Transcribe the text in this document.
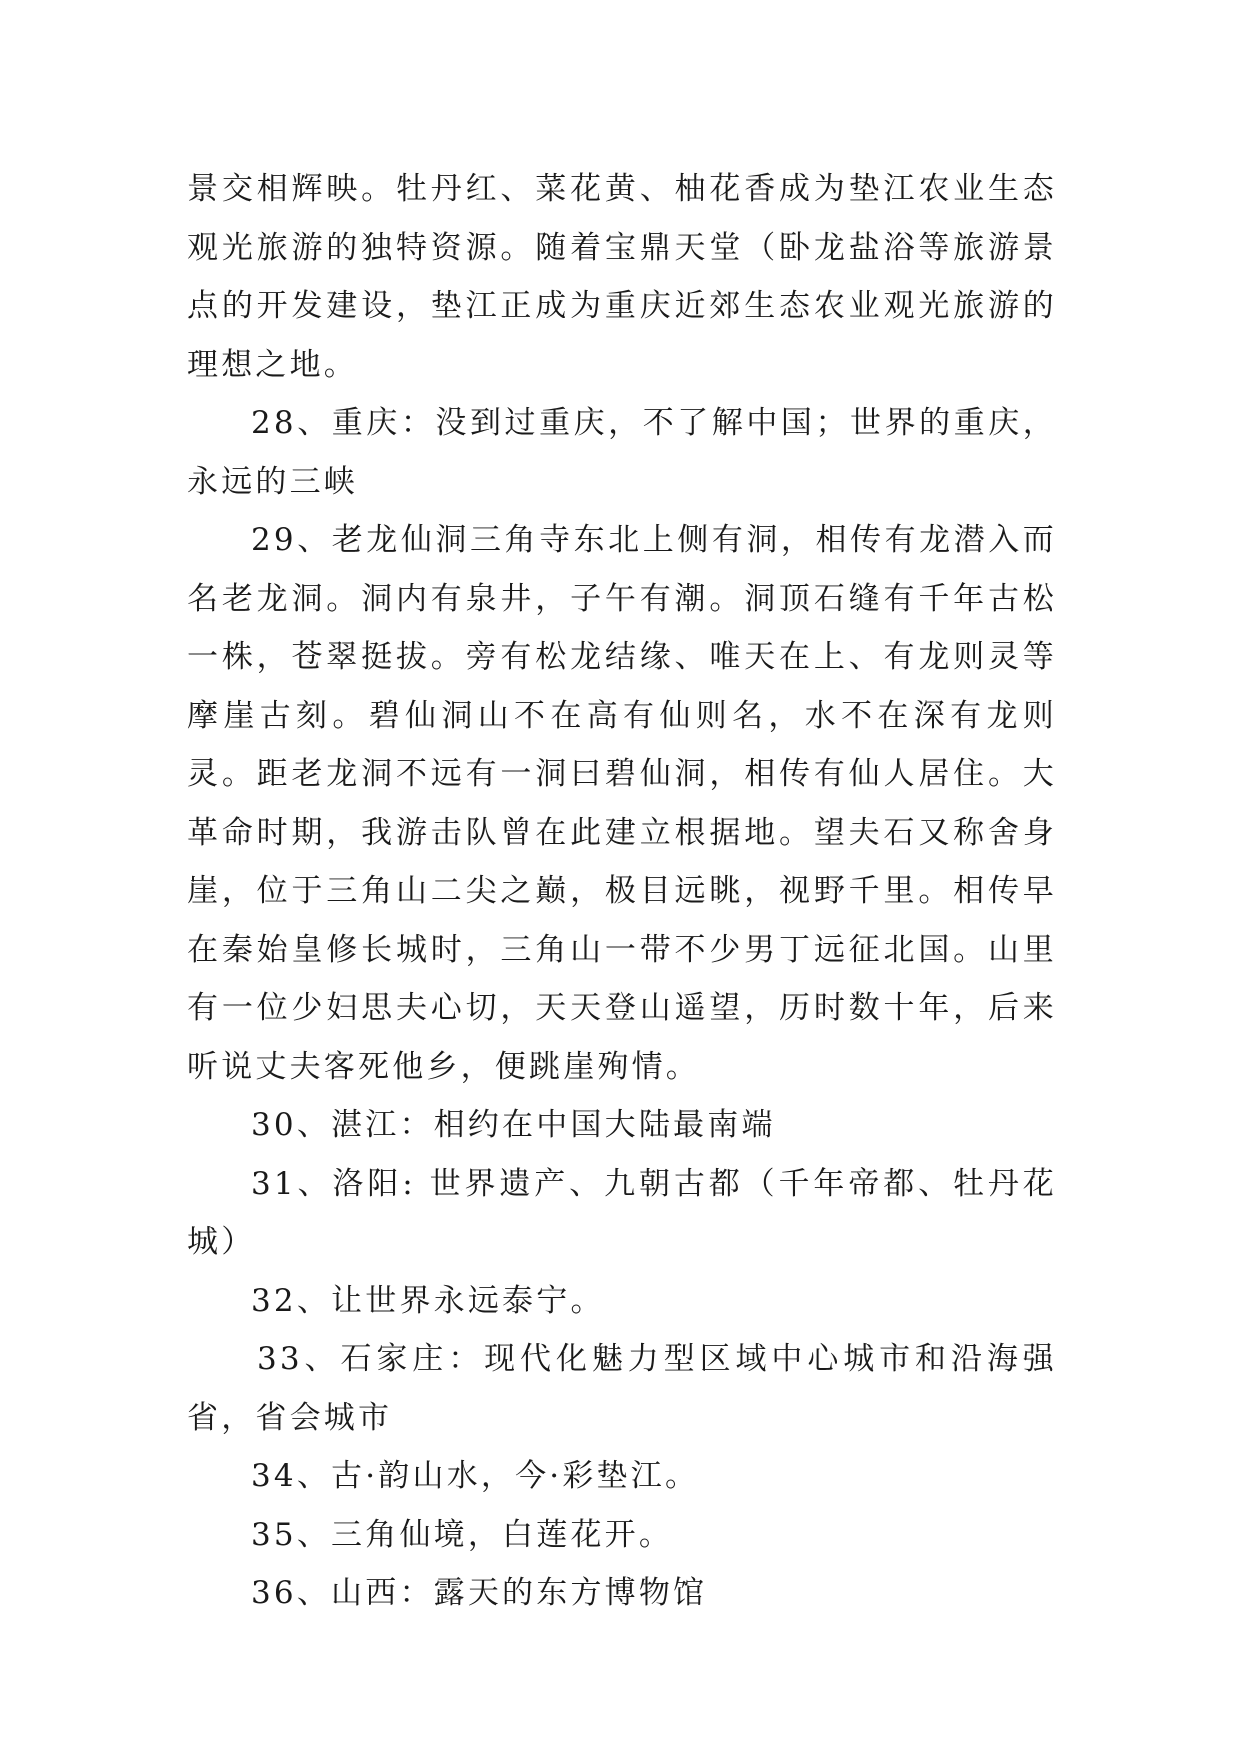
景交相辉映。牡丹红、菜花黄、柚花香成为垫江农业生态观光旅游的独特资源。随着宝鼎天堂（卧龙盐浴等旅游景点的开发建设，垫江正成为重庆近郊生态农业观光旅游的理想之地。

28、重庆：没到过重庆，不了解中国；世界的重庆，永远的三峡

29、老龙仙洞三角寺东北上侧有洞，相传有龙潜入而名老龙洞。洞内有泉井，子午有潮。洞顶石缝有千年古松一株，苍翠挺拔。旁有松龙结缘、唯天在上、有龙则灵等摩崖古刻。碧仙洞山不在高有仙则名，水不在深有龙则灵。距老龙洞不远有一洞曰碧仙洞，相传有仙人居住。大革命时期，我游击队曾在此建立根据地。望夫石又称舍身崖，位于三角山二尖之巅，极目远眺，视野千里。相传早在秦始皇修长城时，三角山一带不少男丁远征北国。山里有一位少妇思夫心切，天天登山遥望，历时数十年，后来听说丈夫客死他乡，便跳崖殉情。

30、湛江：相约在中国大陆最南端

31、洛阳: 世界遗产、九朝古都（千年帝都、牡丹花城）

32、让世界永远泰宁。

33、石家庄：现代化魅力型区域中心城市和沿海强省，省会城市

34、古·韵山水，今·彩垫江。

35、三角仙境，白莲花开。

36、山西：露天的东方博物馆
